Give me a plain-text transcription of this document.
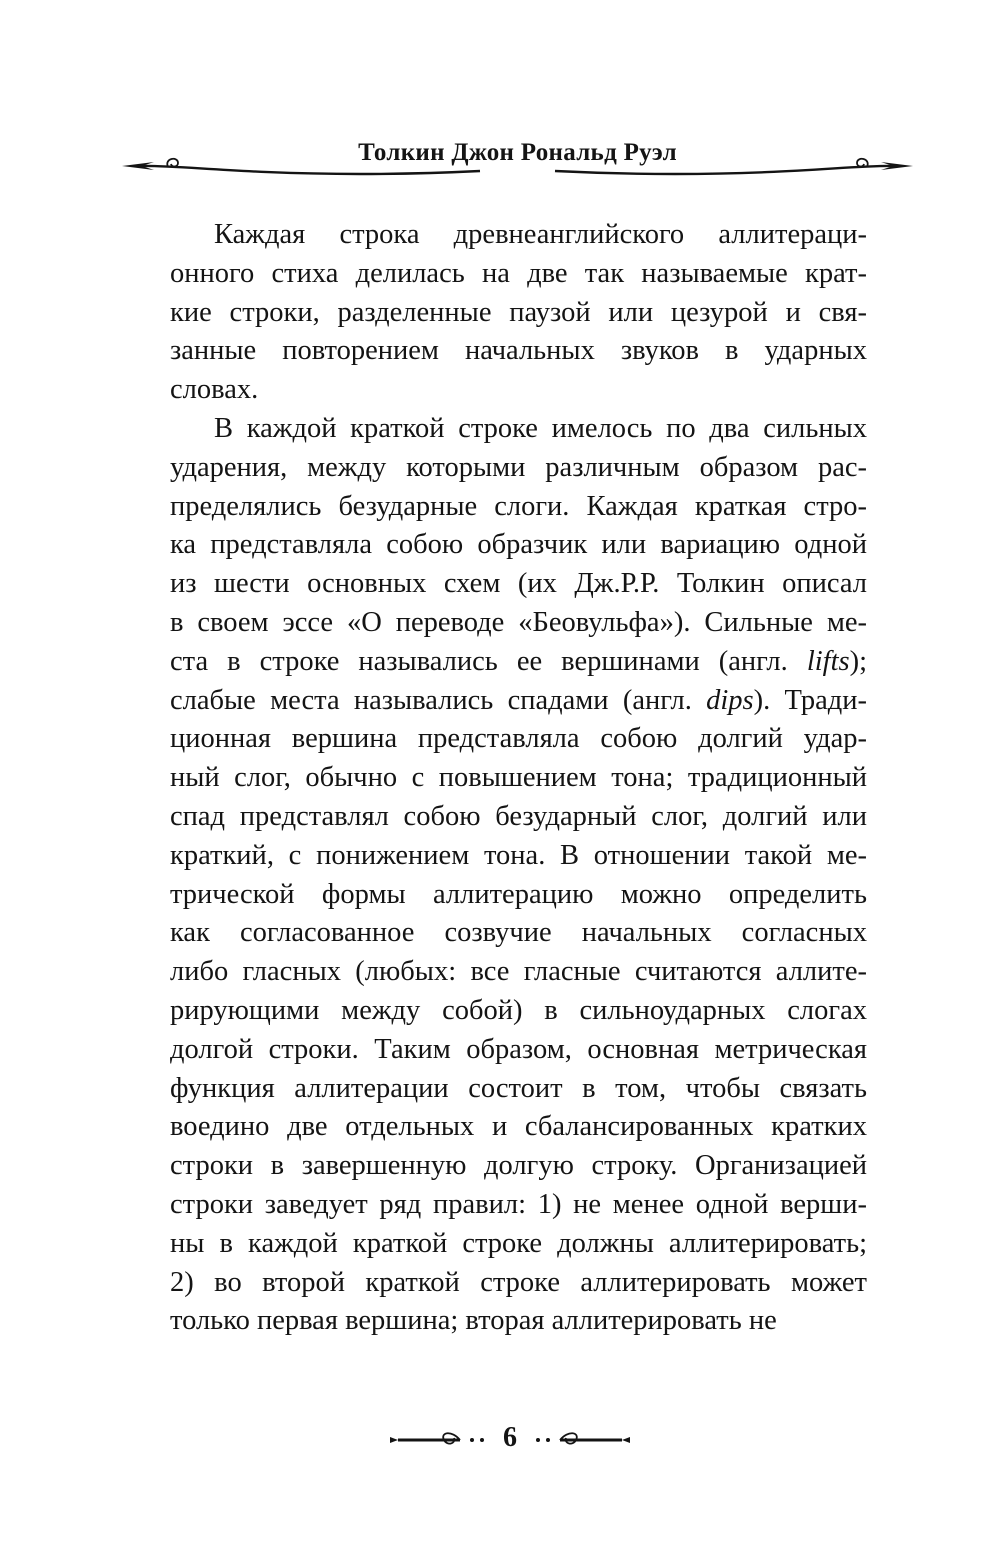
Толкин Джон Рональд Руэл
Каждая строка древнеанглийского аллитераци-
онного стиха делилась на две так называемые крат-
кие строки, разделенные паузой или цезурой и свя-
занные повторением начальных звуков в ударных
словах.
В каждой краткой строке имелось по два сильных
ударения, между которыми различным образом рас-
пределялись безударные слоги. Каждая краткая стро-
ка представляла собою образчик или вариацию одной
из шести основных схем (их Дж.Р.Р. Толкин описал
в своем эссе «О переводе «Беовульфа»). Сильные ме-
ста в строке назывались ее вершинами (англ. lifts);
слабые места назывались спадами (англ. dips). Тради-
ционная вершина представляла собою долгий удар-
ный слог, обычно с повышением тона; традиционный
спад представлял собою безударный слог, долгий или
краткий, с понижением тона. В отношении такой ме-
трической формы аллитерацию можно определить
как согласованное созвучие начальных согласных
либо гласных (любых: все гласные считаются аллите-
рирующими между собой) в сильноударных слогах
долгой строки. Таким образом, основная метрическая
функция аллитерации состоит в том, чтобы связать
воедино две отдельных и сбалансированных кратких
строки в завершенную долгую строку. Организацией
строки заведует ряд правил: 1) не менее одной верши-
ны в каждой краткой строке должны аллитерировать;
2) во второй краткой строке аллитерировать может
только первая вершина; вторая аллитерировать не
6
